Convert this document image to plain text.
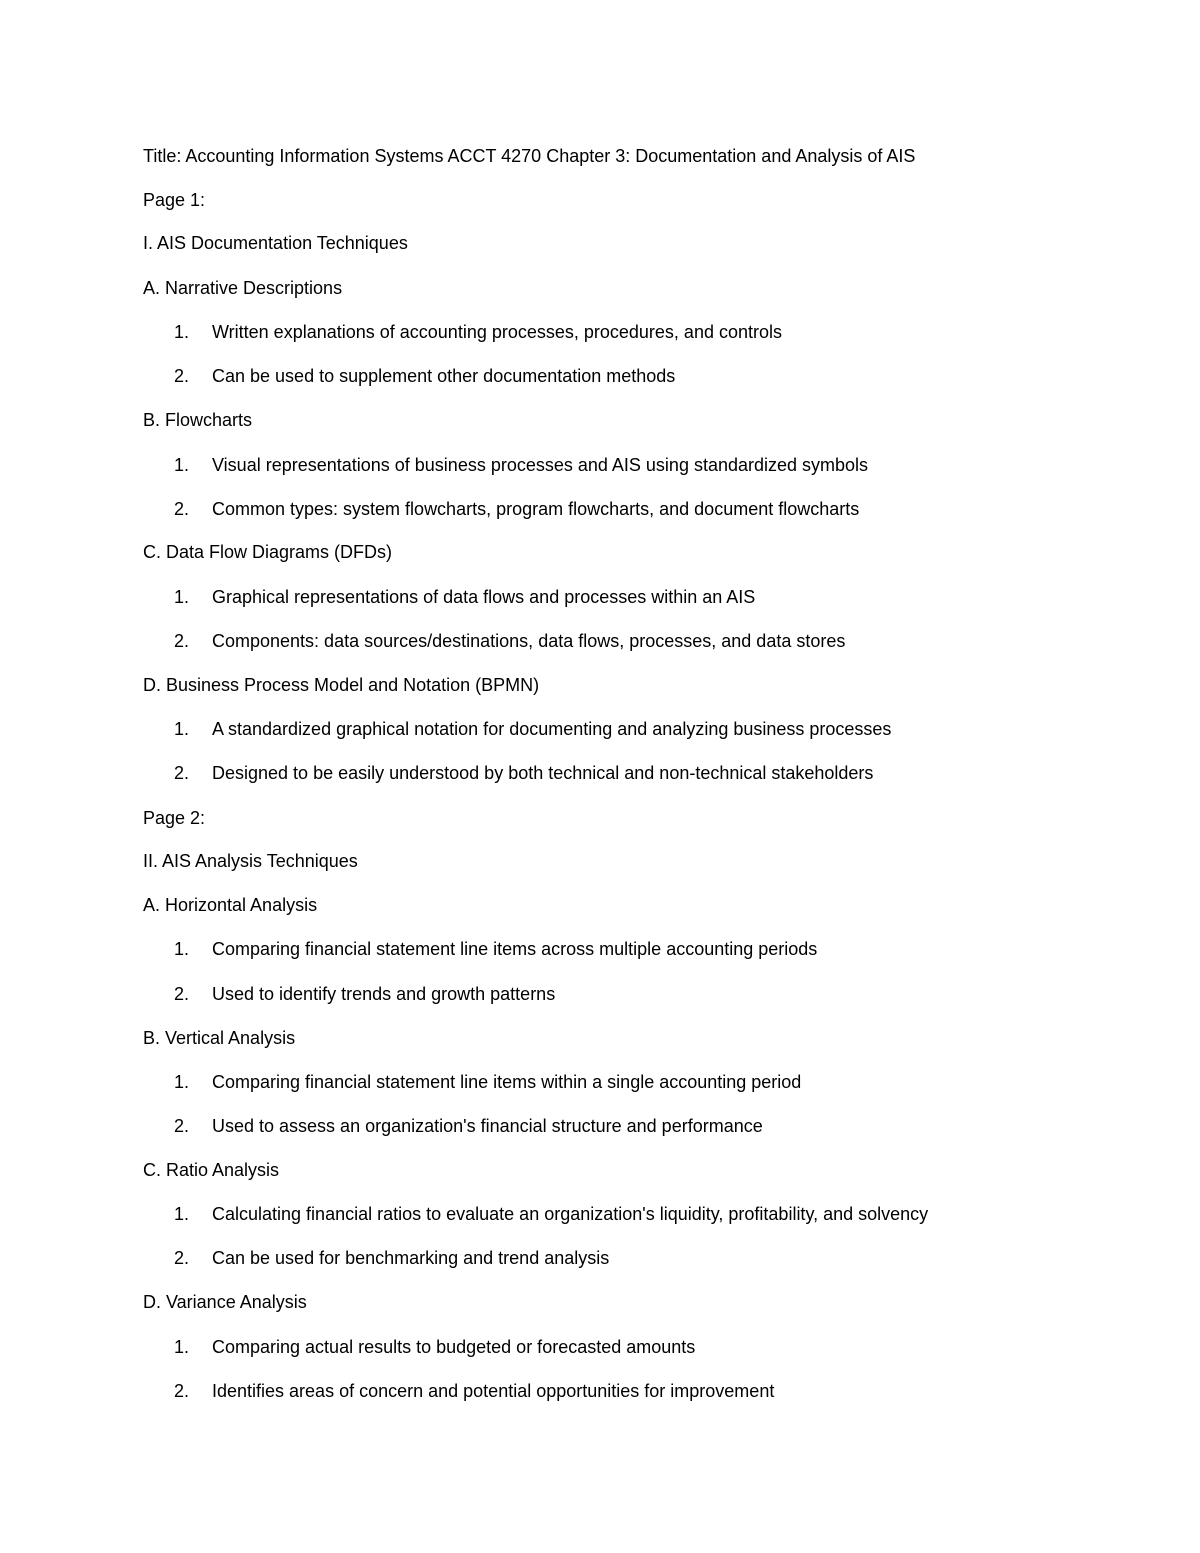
Title: Accounting Information Systems ACCT 4270 Chapter 3: Documentation and Analysis of AIS
Page 1:
I. AIS Documentation Techniques
A. Narrative Descriptions
1. Written explanations of accounting processes, procedures, and controls
2. Can be used to supplement other documentation methods
B. Flowcharts
1. Visual representations of business processes and AIS using standardized symbols
2. Common types: system flowcharts, program flowcharts, and document flowcharts
C. Data Flow Diagrams (DFDs)
1. Graphical representations of data flows and processes within an AIS
2. Components: data sources/destinations, data flows, processes, and data stores
D. Business Process Model and Notation (BPMN)
1. A standardized graphical notation for documenting and analyzing business processes
2. Designed to be easily understood by both technical and non-technical stakeholders
Page 2:
II. AIS Analysis Techniques
A. Horizontal Analysis
1. Comparing financial statement line items across multiple accounting periods
2. Used to identify trends and growth patterns
B. Vertical Analysis
1. Comparing financial statement line items within a single accounting period
2. Used to assess an organization's financial structure and performance
C. Ratio Analysis
1. Calculating financial ratios to evaluate an organization's liquidity, profitability, and solvency
2. Can be used for benchmarking and trend analysis
D. Variance Analysis
1. Comparing actual results to budgeted or forecasted amounts
2. Identifies areas of concern and potential opportunities for improvement
